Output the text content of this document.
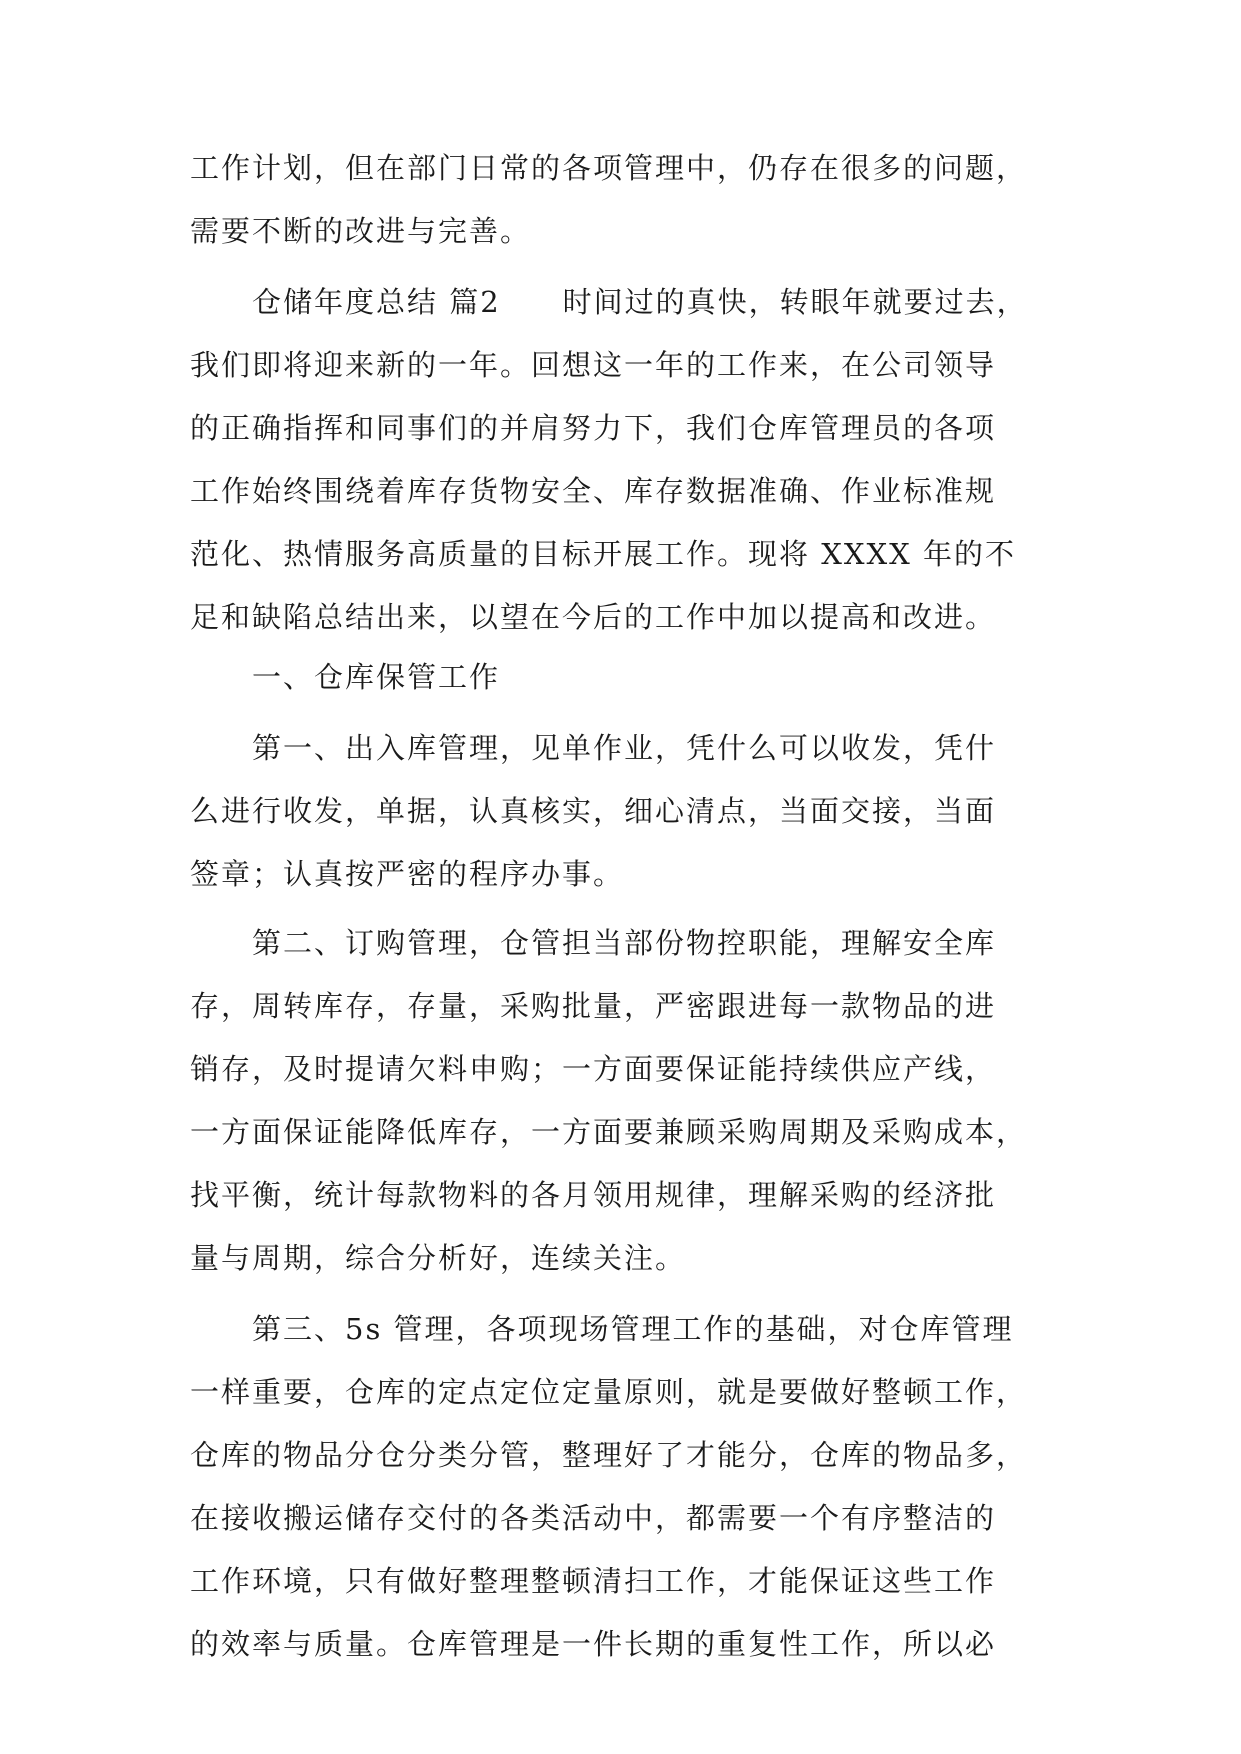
工作计划，但在部门日常的各项管理中，仍存在很多的问题，
需要不断的改进与完善。
　　仓储年度总结 篇2　　时间过的真快，转眼年就要过去，
我们即将迎来新的一年。回想这一年的工作来，在公司领导
的正确指挥和同事们的并肩努力下，我们仓库管理员的各项
工作始终围绕着库存货物安全、库存数据准确、作业标准规
范化、热情服务高质量的目标开展工作。现将 XXXX 年的不
足和缺陷总结出来，以望在今后的工作中加以提高和改进。
　　一、仓库保管工作
　　第一、出入库管理，见单作业，凭什么可以收发，凭什
么进行收发，单据，认真核实，细心清点，当面交接，当面
签章；认真按严密的程序办事。
　　第二、订购管理，仓管担当部份物控职能，理解安全库
存，周转库存，存量，采购批量，严密跟进每一款物品的进
销存，及时提请欠料申购；一方面要保证能持续供应产线，
一方面保证能降低库存，一方面要兼顾采购周期及采购成本，
找平衡，统计每款物料的各月领用规律，理解采购的经济批
量与周期，综合分析好，连续关注。
　　第三、5s 管理，各项现场管理工作的基础，对仓库管理
一样重要，仓库的定点定位定量原则，就是要做好整顿工作，
仓库的物品分仓分类分管，整理好了才能分，仓库的物品多，
在接收搬运储存交付的各类活动中，都需要一个有序整洁的
工作环境，只有做好整理整顿清扫工作，才能保证这些工作
的效率与质量。仓库管理是一件长期的重复性工作，所以必
